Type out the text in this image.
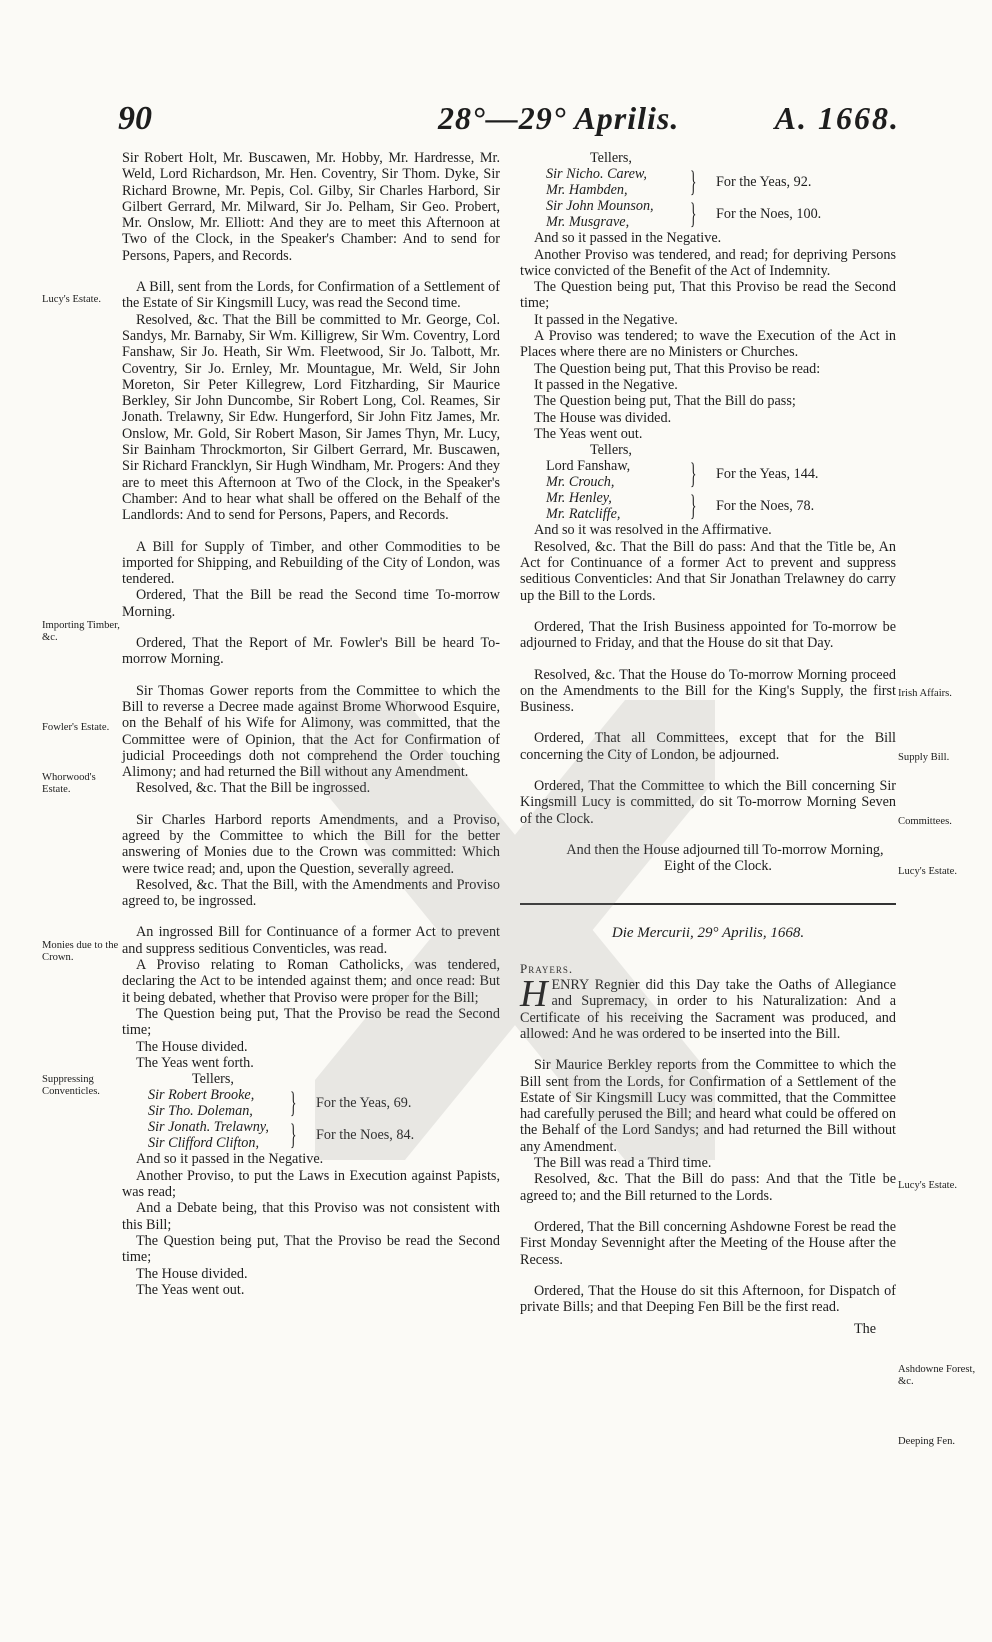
90	28°—29° Aprilis.	A. 1668.
Lucy's Estate.
Importing Timber, &c.
Fowler's Estate.
Whorwood's Estate.
Monies due to the Crown.
Suppressing Conventicles.

Sir Robert Holt, Mr. Buscawen, Mr. Hobby, Mr. Hardresse, Mr. Weld, Lord Richardson, Mr. Hen. Coventry, Sir Thom. Dyke, Sir Richard Browne, Mr. Pepis, Col. Gilby, Sir Charles Harbord, Sir Gilbert Gerrard, Mr. Milward, Sir Jo. Pelham, Sir Geo. Probert, Mr. Onslow, Mr. Elliott: And they are to meet this Afternoon at Two of the Clock, in the Speaker's Chamber: And to send for Persons, Papers, and Records.

A Bill, sent from the Lords, for Confirmation of a Settlement of the Estate of Sir Kingsmill Lucy, was read the Second time.

Resolved, &c. That the Bill be committed to Mr. George, Col. Sandys, Mr. Barnaby, Sir Wm. Killigrew, Sir Wm. Coventry, Lord Fanshaw, Sir Jo. Heath, Sir Wm. Fleetwood, Sir Jo. Talbott, Mr. Coventry, Sir Jo. Ernley, Mr. Mountague, Mr. Weld, Sir John Moreton, Sir Peter Killegrew, Lord Fitzharding, Sir Maurice Berkley, Sir John Duncombe, Sir Robert Long, Col. Reames, Sir Jonath. Trelawny, Sir Edw. Hungerford, Sir John Fitz James, Mr. Onslow, Mr. Gold, Sir Robert Mason, Sir James Thyn, Mr. Lucy, Sir Bainham Throckmorton, Sir Gilbert Gerrard, Mr. Buscawen, Sir Richard Francklyn, Sir Hugh Windham, Mr. Progers: And they are to meet this Afternoon at Two of the Clock, in the Speaker's Chamber: And to hear what shall be offered on the Behalf of the Landlords: And to send for Persons, Papers, and Records.

A Bill for Supply of Timber, and other Commodities to be imported for Shipping, and Rebuilding of the City of London, was tendered.

Ordered, That the Bill be read the Second time To-morrow Morning.

Ordered, That the Report of Mr. Fowler's Bill be heard To-morrow Morning.

Sir Thomas Gower reports from the Committee to which the Bill to reverse a Decree made against Brome Whorwood Esquire, on the Behalf of his Wife for Alimony, was committed, that the Committee were of Opinion, that the Act for Confirmation of judicial Proceedings doth not comprehend the Order touching Alimony; and had returned the Bill without any Amendment.

Resolved, &c. That the Bill be ingrossed.

Sir Charles Harbord reports Amendments, and a Proviso, agreed by the Committee to which the Bill for the better answering of Monies due to the Crown was committed: Which were twice read; and, upon the Question, severally agreed.

Resolved, &c. That the Bill, with the Amendments and Proviso agreed to, be ingrossed.

An ingrossed Bill for Continuance of a former Act to prevent and suppress seditious Conventicles, was read.

A Proviso relating to Roman Catholicks, was tendered, declaring the Act to be intended against them; and once read: But it being debated, whether that Proviso were proper for the Bill;

The Question being put, That the Proviso be read the Second time;

The House divided.

The Yeas went forth.

Tellers,
Sir Robert Brooke,
Sir Tho. Doleman, } For the Yeas, 69.
Sir Jonath. Trelawny,
Sir Clifford Clifton,	} For the Noes, 84.

And so it passed in the Negative.

Another Proviso, to put the Laws in Execution against Papists, was read;

And a Debate being, that this Proviso was not consistent with this Bill;

The Question being put, That the Proviso be read the Second time;

The House divided.

The Yeas went out.

Tellers,
Sir Nicho. Carew,
Mr. Hambden,	} For the Yeas, 92.
Sir John Mounson,
Mr. Musgrave,	} For the Noes, 100.

And so it passed in the Negative.

Another Proviso was tendered, and read; for depriving Persons twice convicted of the Benefit of the Act of Indemnity.

The Question being put, That this Proviso be read the Second time;

It passed in the Negative.

A Proviso was tendered; to wave the Execution of the Act in Places where there are no Ministers or Churches.

The Question being put, That this Proviso be read:

It passed in the Negative.

The Question being put, That the Bill do pass;

The House was divided.

The Yeas went out.

Tellers,
Lord Fanshaw,
Mr. Crouch,	} For the Yeas, 144.
Mr. Henley,
Mr. Ratcliffe, } For the Noes, 78.

And so it was resolved in the Affirmative.

Resolved, &c. That the Bill do pass: And that the Title be, An Act for Continuance of a former Act to prevent and suppress seditious Conventicles: And that Sir Jonathan Trelawney do carry up the Bill to the Lords.

Ordered, That the Irish Business appointed for To-morrow be adjourned to Friday, and that the House do sit that Day.

Resolved, &c. That the House do To-morrow Morning proceed on the Amendments to the Bill for the King's Supply, the first Business.

Ordered, That all Committees, except that for the Bill concerning the City of London, be adjourned.

Ordered, That the Committee to which the Bill concerning Sir Kingsmill Lucy is committed, do sit To-morrow Morning Seven of the Clock.

And then the House adjourned till To-morrow Morning, Eight of the Clock.

Die Mercurii, 29° Aprilis, 1668.
Prayers.
H ENRY Regnier did this Day take the Oaths of Allegiance and Supremacy, in order to his Naturalization: And a Certificate of his receiving the Sacrament was produced, and allowed: And he was ordered to be inserted into the Bill.

Sir Maurice Berkley reports from the Committee to which the Bill sent from the Lords, for Confirmation of a Settlement of the Estate of Sir Kingsmill Lucy was committed, that the Committee had carefully perused the Bill; and heard what could be offered on the Behalf of the Lord Sandys; and had returned the Bill without any Amendment.

The Bill was read a Third time.

Resolved, &c. That the Bill do pass: And that the Title be agreed to; and the Bill returned to the Lords.

Ordered, That the Bill concerning Ashdowne Forest be read the First Monday Sevennight after the Meeting of the House after the Recess.

Ordered, That the House do sit this Afternoon, for Dispatch of private Bills; and that Deeping Fen Bill be the first read.

The
Irish Affairs.
Supply Bill.
Committees.
Lucy's Estate.
Lucy's Estate.
Ashdowne Forest, &c.
Deeping Fen.
